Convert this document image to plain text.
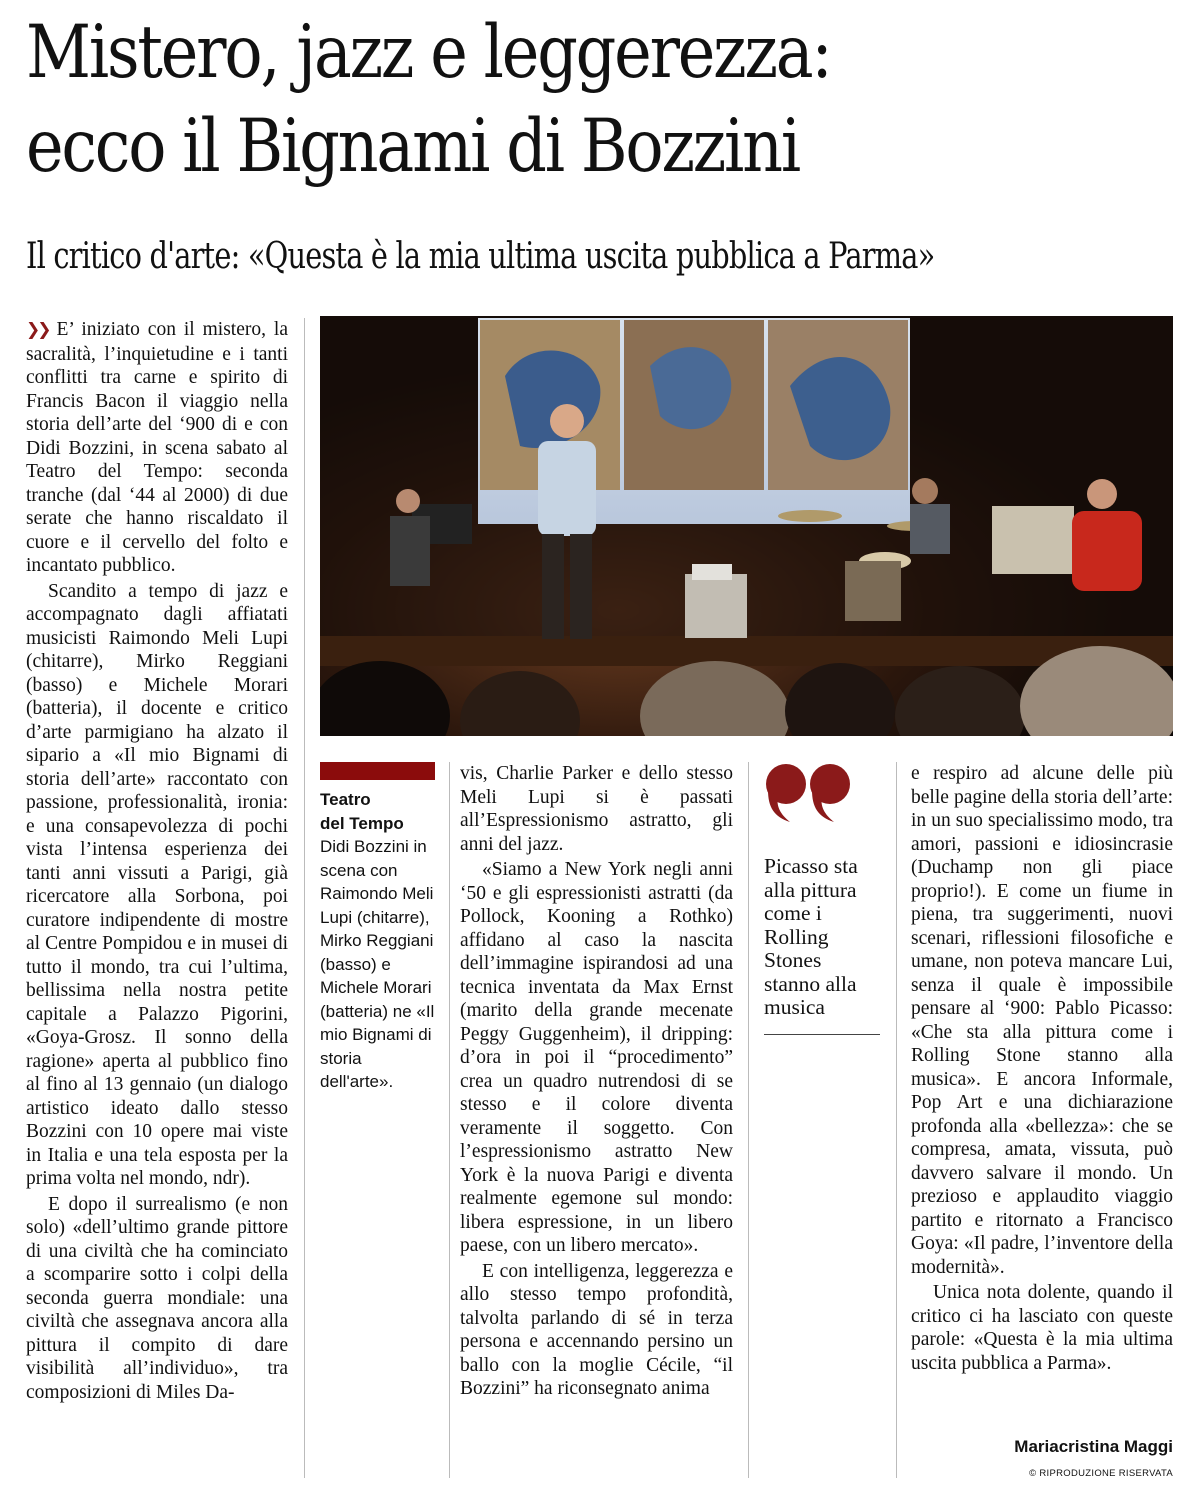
Mistero, jazz e leggerezza:
ecco il Bignami di Bozzini
Il critico d'arte: «Questa è la mia ultima uscita pubblica a Parma»

❯❯ E’ iniziato con il mistero, la sacralità, l’inquietudine e i tanti conflitti tra carne e spirito di Francis Bacon il viaggio nella storia dell’arte del ‘900 di e con Didi Bozzini, in scena sabato al Teatro del Tempo: seconda tranche (dal ‘44 al 2000) di due serate che hanno riscaldato il cuore e il cervello del folto e incantato pubblico.

Scandito a tempo di jazz e accompagnato dagli affiatati musicisti Raimondo Meli Lupi (chitarre), Mirko Reggiani (basso) e Michele Morari (batteria), il docente e critico d’arte parmigiano ha alzato il sipario a «Il mio Bignami di storia dell’arte» raccontato con passione, professionalità, ironia: e una consapevolezza di pochi vista l’intensa esperienza dei tanti anni vissuti a Parigi, già ricercatore alla Sorbona, poi curatore indipendente di mostre al Centre Pompidou e in musei di tutto il mondo, tra cui l’ultima, bellissima nella nostra petite capitale a Palazzo Pigorini, «Goya-Grosz. Il sonno della ragione» aperta al pubblico fino al fino al 13 gennaio (un dialogo artistico ideato dallo stesso Bozzini con 10 opere mai viste in Italia e una tela esposta per la prima volta nel mondo, ndr).

E dopo il surrealismo (e non solo) «dell’ultimo grande pittore di una civiltà che ha cominciato a scomparire sotto i colpi della seconda guerra mondiale: una civiltà che assegnava ancora alla pittura il compito di dare visibilità all’individuo», tra composizioni di Miles Da-

Teatro
del Tempo
Didi Bozzini in scena con Raimondo Meli Lupi (chitarre), Mirko Reggiani (basso) e Michele Morari (batteria) ne «Il mio Bignami di storia dell'arte».

vis, Charlie Parker e dello stesso Meli Lupi si è passati all’Espressionismo astratto, gli anni del jazz.

«Siamo a New York negli anni ‘50 e gli espressionisti astratti (da Pollock, Kooning a Rothko) affidano al caso la nascita dell’immagine ispirandosi ad una tecnica inventata da Max Ernst (marito della grande mecenate Peggy Guggenheim), il dripping: d’ora in poi il “procedimento” crea un quadro nutrendosi di se stesso e il colore diventa veramente il soggetto. Con l’espressionismo astratto New York è la nuova Parigi e diventa realmente egemone sul mondo: libera espressione, in un libero paese, con un libero mercato».

E con intelligenza, leggerezza e allo stesso tempo profondità, talvolta parlando di sé in terza persona e accennando persino un ballo con la moglie Cécile, “il Bozzini” ha riconsegnato anima

Picasso sta alla pittura come i Rolling Stones stanno alla musica

e respiro ad alcune delle più belle pagine della storia dell’arte: in un suo specialissimo modo, tra amori, passioni e idiosincrasie (Duchamp non gli piace proprio!). E come un fiume in piena, tra suggerimenti, nuovi scenari, riflessioni filosofiche e umane, non poteva mancare Lui, senza il quale è impossibile pensare al ‘900: Pablo Picasso: «Che sta alla pittura come i Rolling Stone stanno alla musica». E ancora Informale, Pop Art e una dichiarazione profonda alla «bellezza»: che se compresa, amata, vissuta, può davvero salvare il mondo. Un prezioso e applaudito viaggio partito e ritornato a Francisco Goya: «Il padre, l’inventore della modernità».

Unica nota dolente, quando il critico ci ha lasciato con queste parole: «Questa è la mia ultima uscita pubblica a Parma».

Mariacristina Maggi
© RIPRODUZIONE RISERVATA
